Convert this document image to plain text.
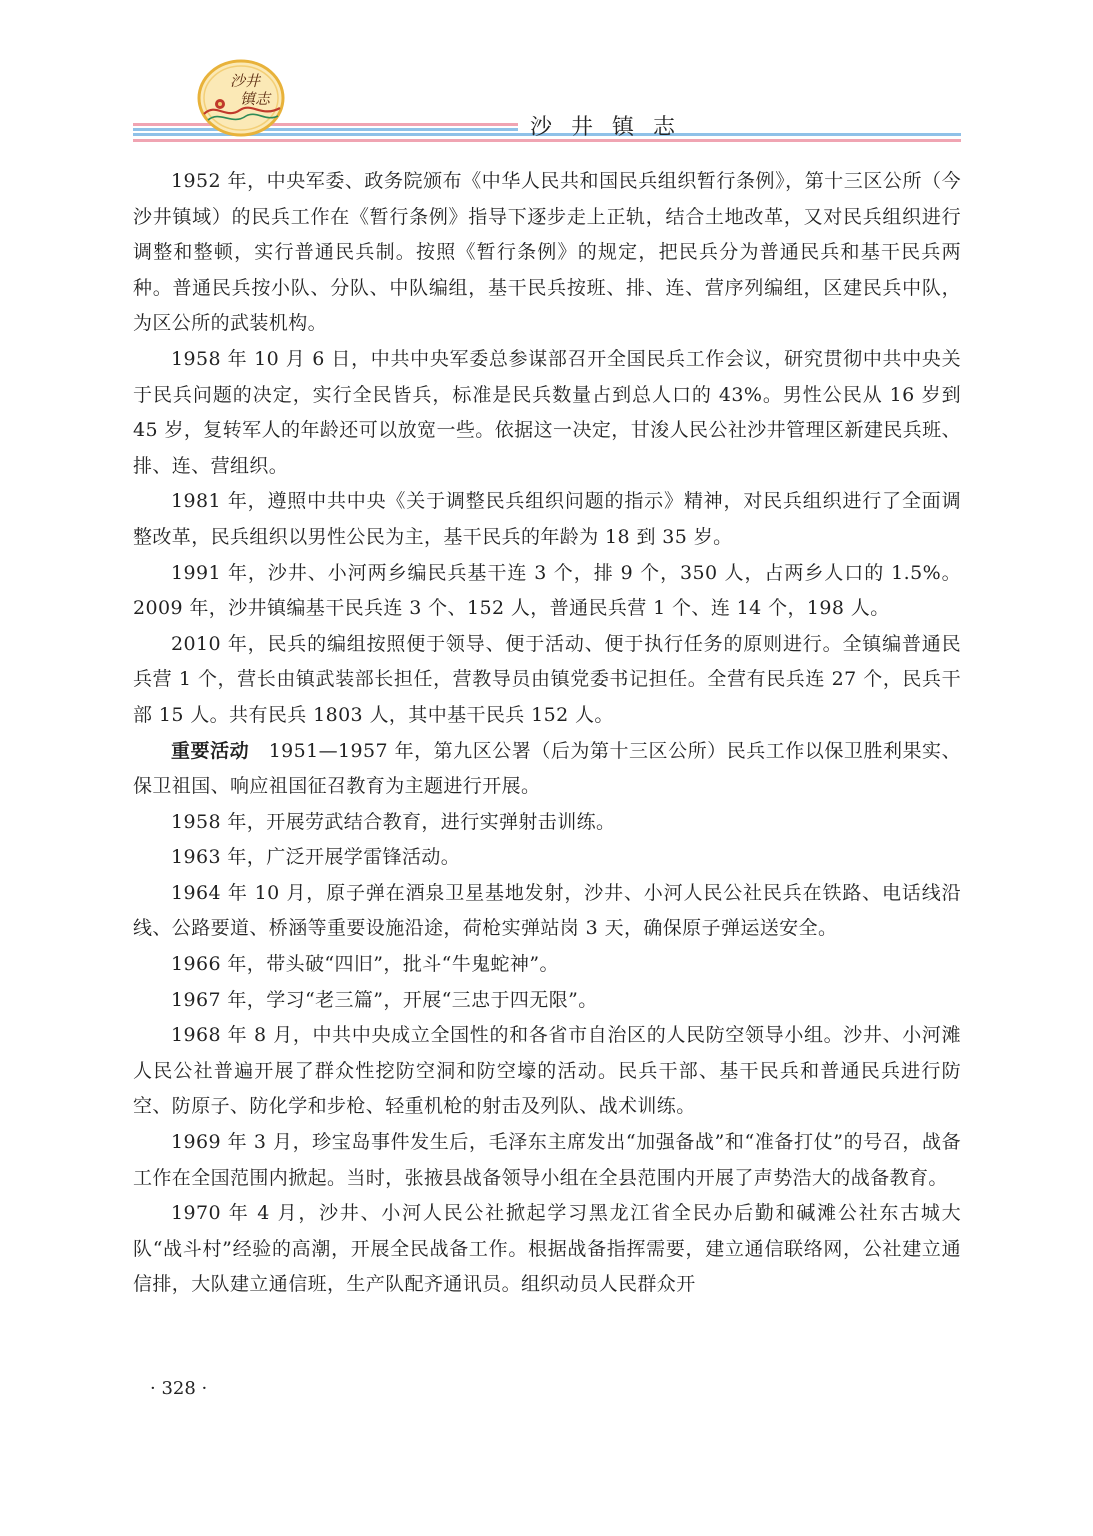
沙井
镇志
沙 井 镇 志

1952 年，中央军委、政务院颁布《中华人民共和国民兵组织暂行条例》，第十三区公所（今沙井镇域）的民兵工作在《暂行条例》指导下逐步走上正轨，结合土地改革，又对民兵组织进行调整和整顿，实行普通民兵制。按照《暂行条例》的规定，把民兵分为普通民兵和基干民兵两种。普通民兵按小队、分队、中队编组，基干民兵按班、排、连、营序列编组，区建民兵中队，为区公所的武装机构。

1958 年 10 月 6 日，中共中央军委总参谋部召开全国民兵工作会议，研究贯彻中共中央关于民兵问题的决定，实行全民皆兵，标准是民兵数量占到总人口的 43%。男性公民从 16 岁到 45 岁，复转军人的年龄还可以放宽一些。依据这一决定，甘浚人民公社沙井管理区新建民兵班、排、连、营组织。

1981 年，遵照中共中央《关于调整民兵组织问题的指示》精神，对民兵组织进行了全面调整改革，民兵组织以男性公民为主，基干民兵的年龄为 18 到 35 岁。

1991 年，沙井、小河两乡编民兵基干连 3 个，排 9 个，350 人，占两乡人口的 1.5%。2009 年，沙井镇编基干民兵连 3 个、152 人，普通民兵营 1 个、连 14 个，198 人。

2010 年，民兵的编组按照便于领导、便于活动、便于执行任务的原则进行。全镇编普通民兵营 1 个，营长由镇武装部长担任，营教导员由镇党委书记担任。全营有民兵连 27 个，民兵干部 15 人。共有民兵 1803 人，其中基干民兵 152 人。

重要活动　1951—1957 年，第九区公署（后为第十三区公所）民兵工作以保卫胜利果实、保卫祖国、响应祖国征召教育为主题进行开展。

1958 年，开展劳武结合教育，进行实弹射击训练。

1963 年，广泛开展学雷锋活动。

1964 年 10 月，原子弹在酒泉卫星基地发射，沙井、小河人民公社民兵在铁路、电话线沿线、公路要道、桥涵等重要设施沿途，荷枪实弹站岗 3 天，确保原子弹运送安全。

1966 年，带头破“四旧”，批斗“牛鬼蛇神”。

1967 年，学习“老三篇”，开展“三忠于四无限”。

1968 年 8 月，中共中央成立全国性的和各省市自治区的人民防空领导小组。沙井、小河滩人民公社普遍开展了群众性挖防空洞和防空壕的活动。民兵干部、基干民兵和普通民兵进行防空、防原子、防化学和步枪、轻重机枪的射击及列队、战术训练。

1969 年 3 月，珍宝岛事件发生后，毛泽东主席发出“加强备战”和“准备打仗”的号召，战备工作在全国范围内掀起。当时，张掖县战备领导小组在全县范围内开展了声势浩大的战备教育。

1970 年 4 月，沙井、小河人民公社掀起学习黑龙江省全民办后勤和碱滩公社东古城大队“战斗村”经验的高潮，开展全民战备工作。根据战备指挥需要，建立通信联络网，公社建立通信排，大队建立通信班，生产队配齐通讯员。组织动员人民群众开

· 328 ·
